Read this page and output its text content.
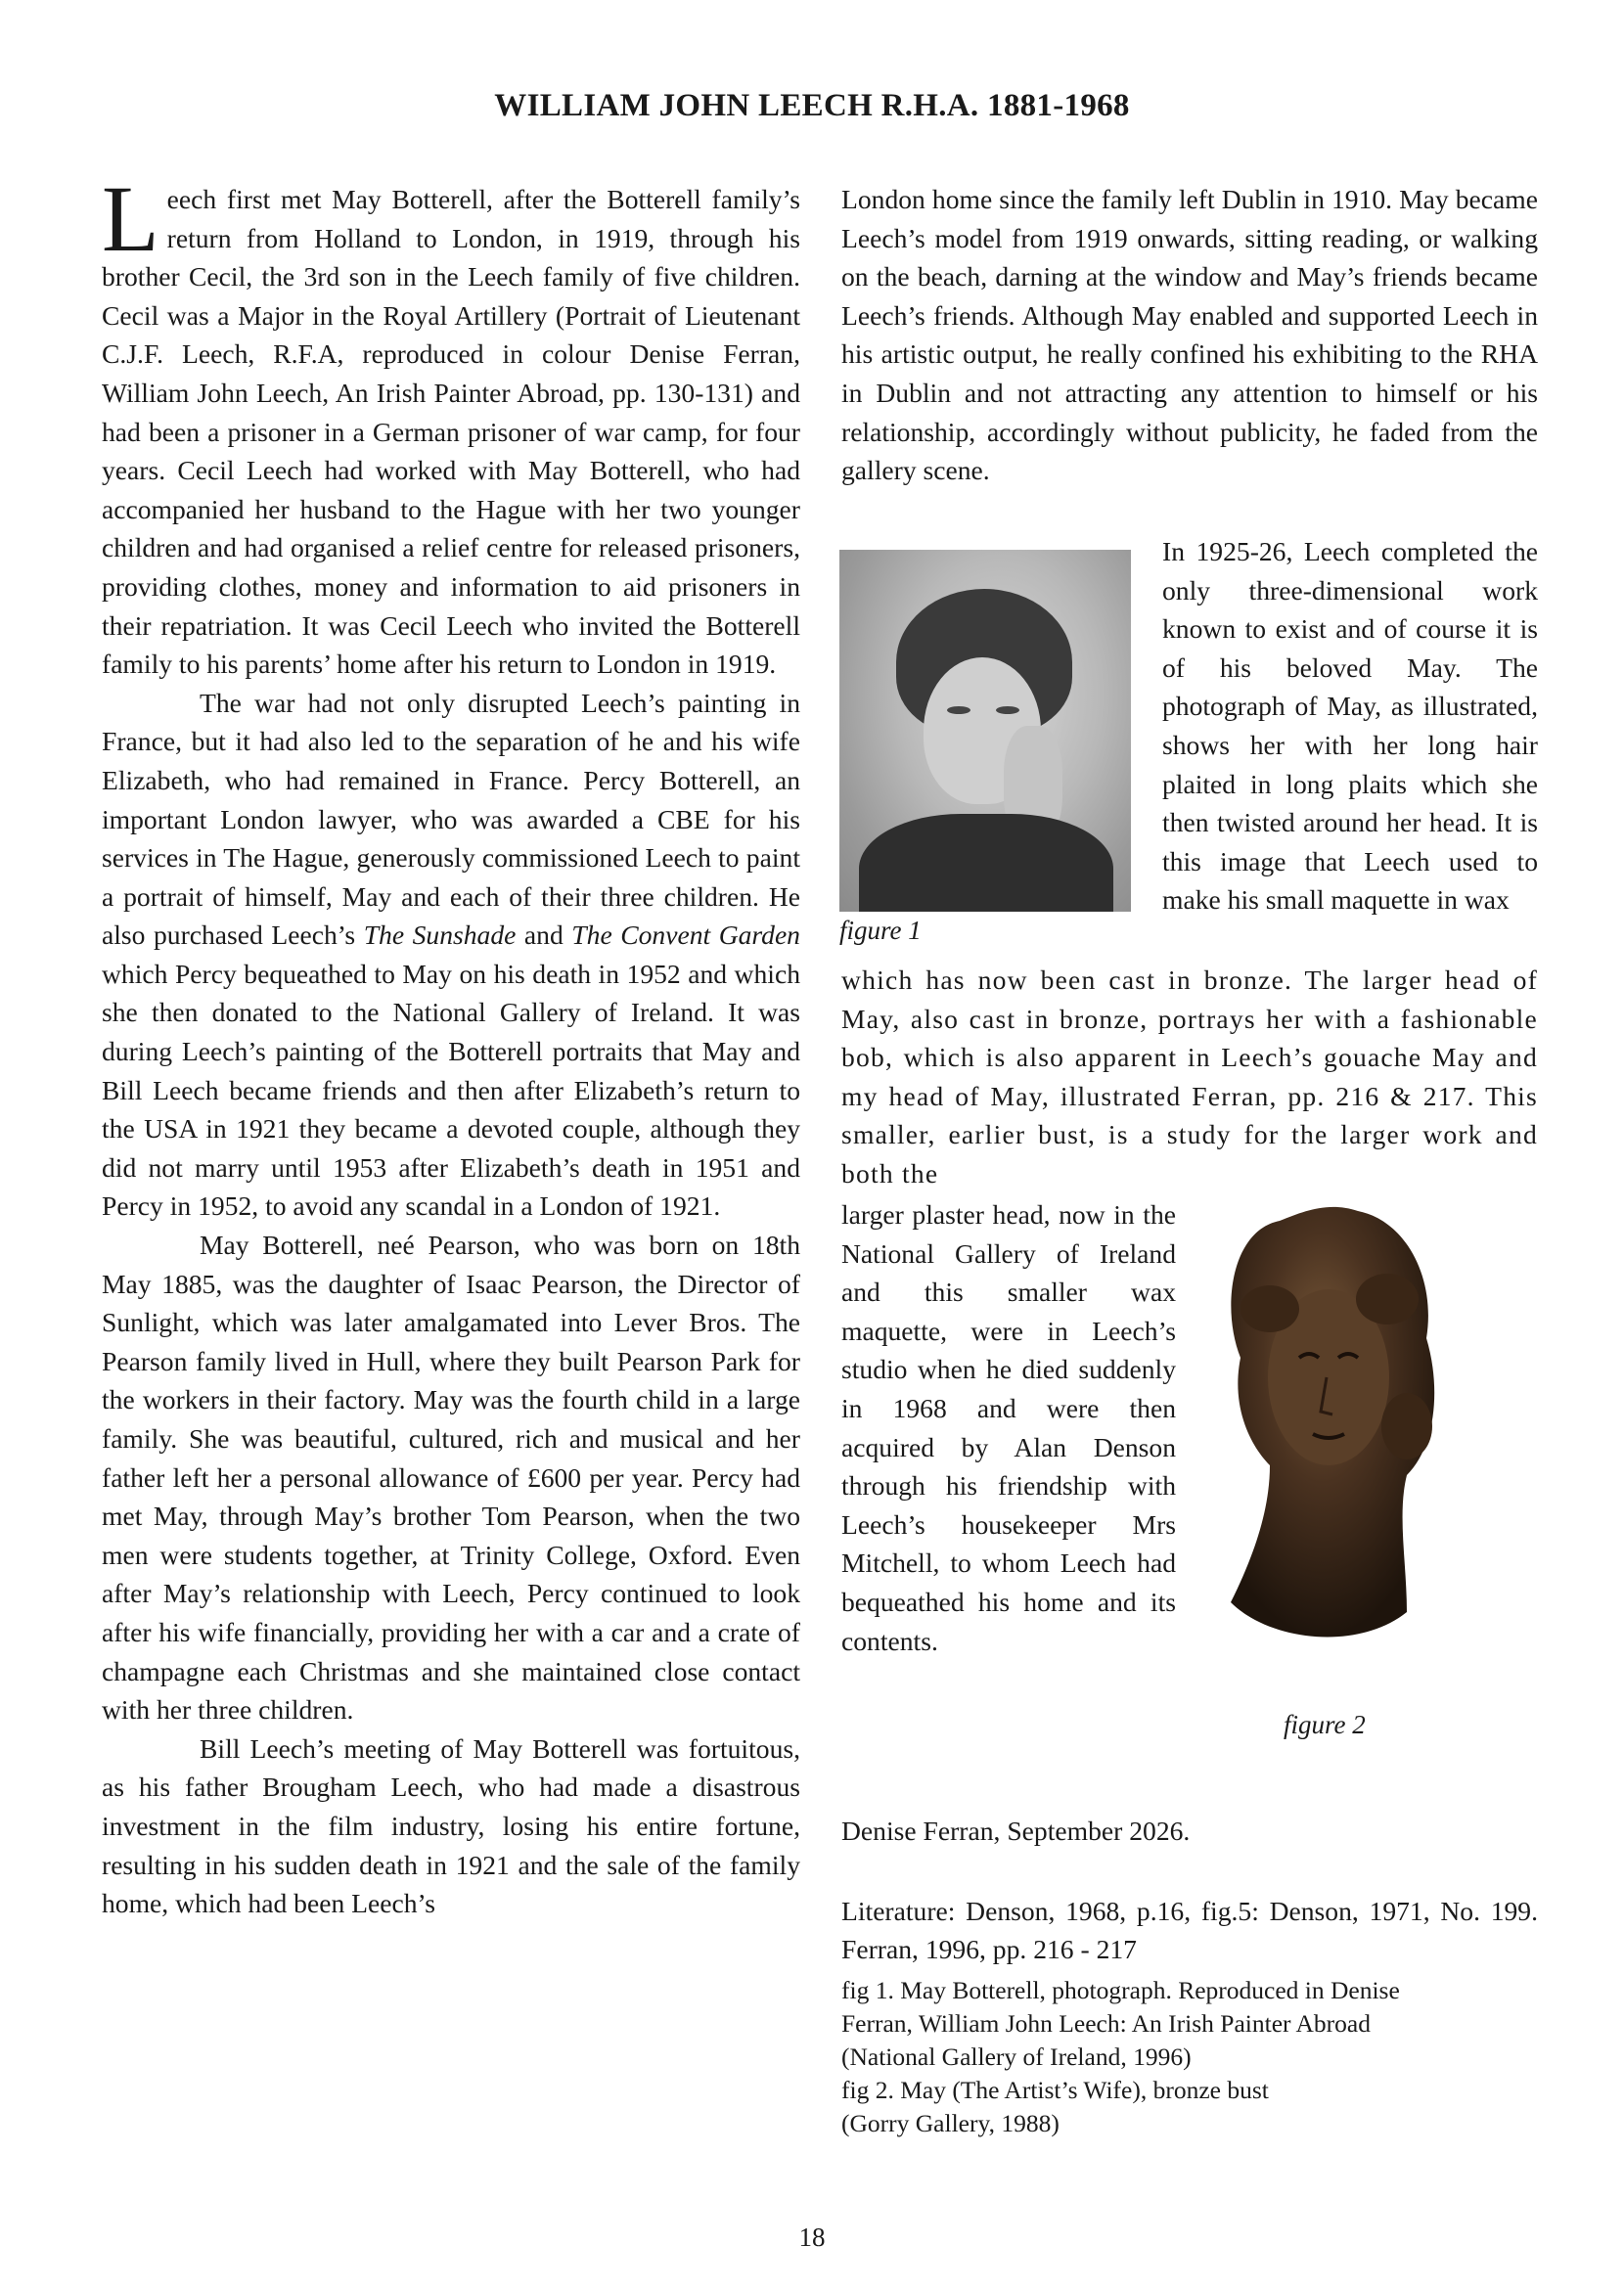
WILLIAM JOHN LEECH R.H.A. 1881-1968

Leech first met May Botterell, after the Botterell family’s return from Holland to London, in 1919, through his brother Cecil, the 3rd son in the Leech family of five children. Cecil was a Major in the Royal Artillery (Portrait of Lieutenant C.J.F. Leech, R.F.A, reproduced in colour Denise Ferran, William John Leech, An Irish Painter Abroad, pp. 130-131) and had been a prisoner in a German prisoner of war camp, for four years. Cecil Leech had worked with May Botterell, who had accompanied her husband to the Hague with her two younger children and had organised a relief centre for released prisoners, providing clothes, money and information to aid prisoners in their repatriation. It was Cecil Leech who invited the Botterell family to his parents’ home after his return to London in 1919.

The war had not only disrupted Leech’s painting in France, but it had also led to the separation of he and his wife Elizabeth, who had remained in France. Percy Botterell, an important London lawyer, who was awarded a CBE for his services in The Hague, generously commissioned Leech to paint a portrait of himself, May and each of their three children. He also purchased Leech’s The Sunshade and The Convent Garden which Percy bequeathed to May on his death in 1952 and which she then donated to the National Gallery of Ireland. It was during Leech’s painting of the Botterell portraits that May and Bill Leech became friends and then after Elizabeth’s return to the USA in 1921 they became a devoted couple, although they did not marry until 1953 after Elizabeth’s death in 1951 and Percy in 1952, to avoid any scandal in a London of 1921.

May Botterell, neé Pearson, who was born on 18th May 1885, was the daughter of Isaac Pearson, the Director of Sunlight, which was later amalgamated into Lever Bros. The Pearson family lived in Hull, where they built Pearson Park for the workers in their factory. May was the fourth child in a large family. She was beautiful, cultured, rich and musical and her father left her a personal allowance of £600 per year. Percy had met May, through May’s brother Tom Pearson, when the two men were students together, at Trinity College, Oxford. Even after May’s relationship with Leech, Percy continued to look after his wife financially, providing her with a car and a crate of champagne each Christmas and she maintained close contact with her three children.

Bill Leech’s meeting of May Botterell was fortuitous, as his father Brougham Leech, who had made a disastrous investment in the film industry, losing his entire fortune, resulting in his sudden death in 1921 and the sale of the family home, which had been Leech’s

London home since the family left Dublin in 1910. May became Leech’s model from 1919 onwards, sitting reading, or walking on the beach, darning at the window and May’s friends became Leech’s friends. Although May enabled and supported Leech in his artistic output, he really confined his exhibiting to the RHA in Dublin and not attracting any attention to himself or his relationship, accordingly without publicity, he faded from the gallery scene.

figure 1
In 1925-26, Leech completed the only three-dimensional work known to exist and of course it is of his beloved May. The photograph of May, as illustrated, shows her with her long hair plaited in long plaits which she then twisted around her head. It is this image that Leech used to make his small maquette in wax
which has now been cast in bronze. The larger head of May, also cast in bronze, portrays her with a fashionable bob, which is also apparent in Leech’s gouache May and my head of May, illustrated Ferran, pp. 216 & 217. This smaller, earlier bust, is a study for the larger work and both the
larger plaster head, now in the National Gallery of Ireland and this smaller wax maquette, were in Leech’s studio when he died suddenly in 1968 and were then acquired by Alan Denson through his friendship with Leech’s housekeeper Mrs Mitchell, to whom Leech had bequeathed his home and its contents.
figure 2

Denise Ferran, September 2026.

Literature: Denson, 1968, p.16, fig.5: Denson, 1971, No. 199. Ferran, 1996, pp. 216 - 217

fig 1. May Botterell, photograph. Reproduced in Denise

Ferran, William John Leech: An Irish Painter Abroad

(National Gallery of Ireland, 1996)

fig 2. May (The Artist’s Wife), bronze bust

(Gorry Gallery, 1988)

18
